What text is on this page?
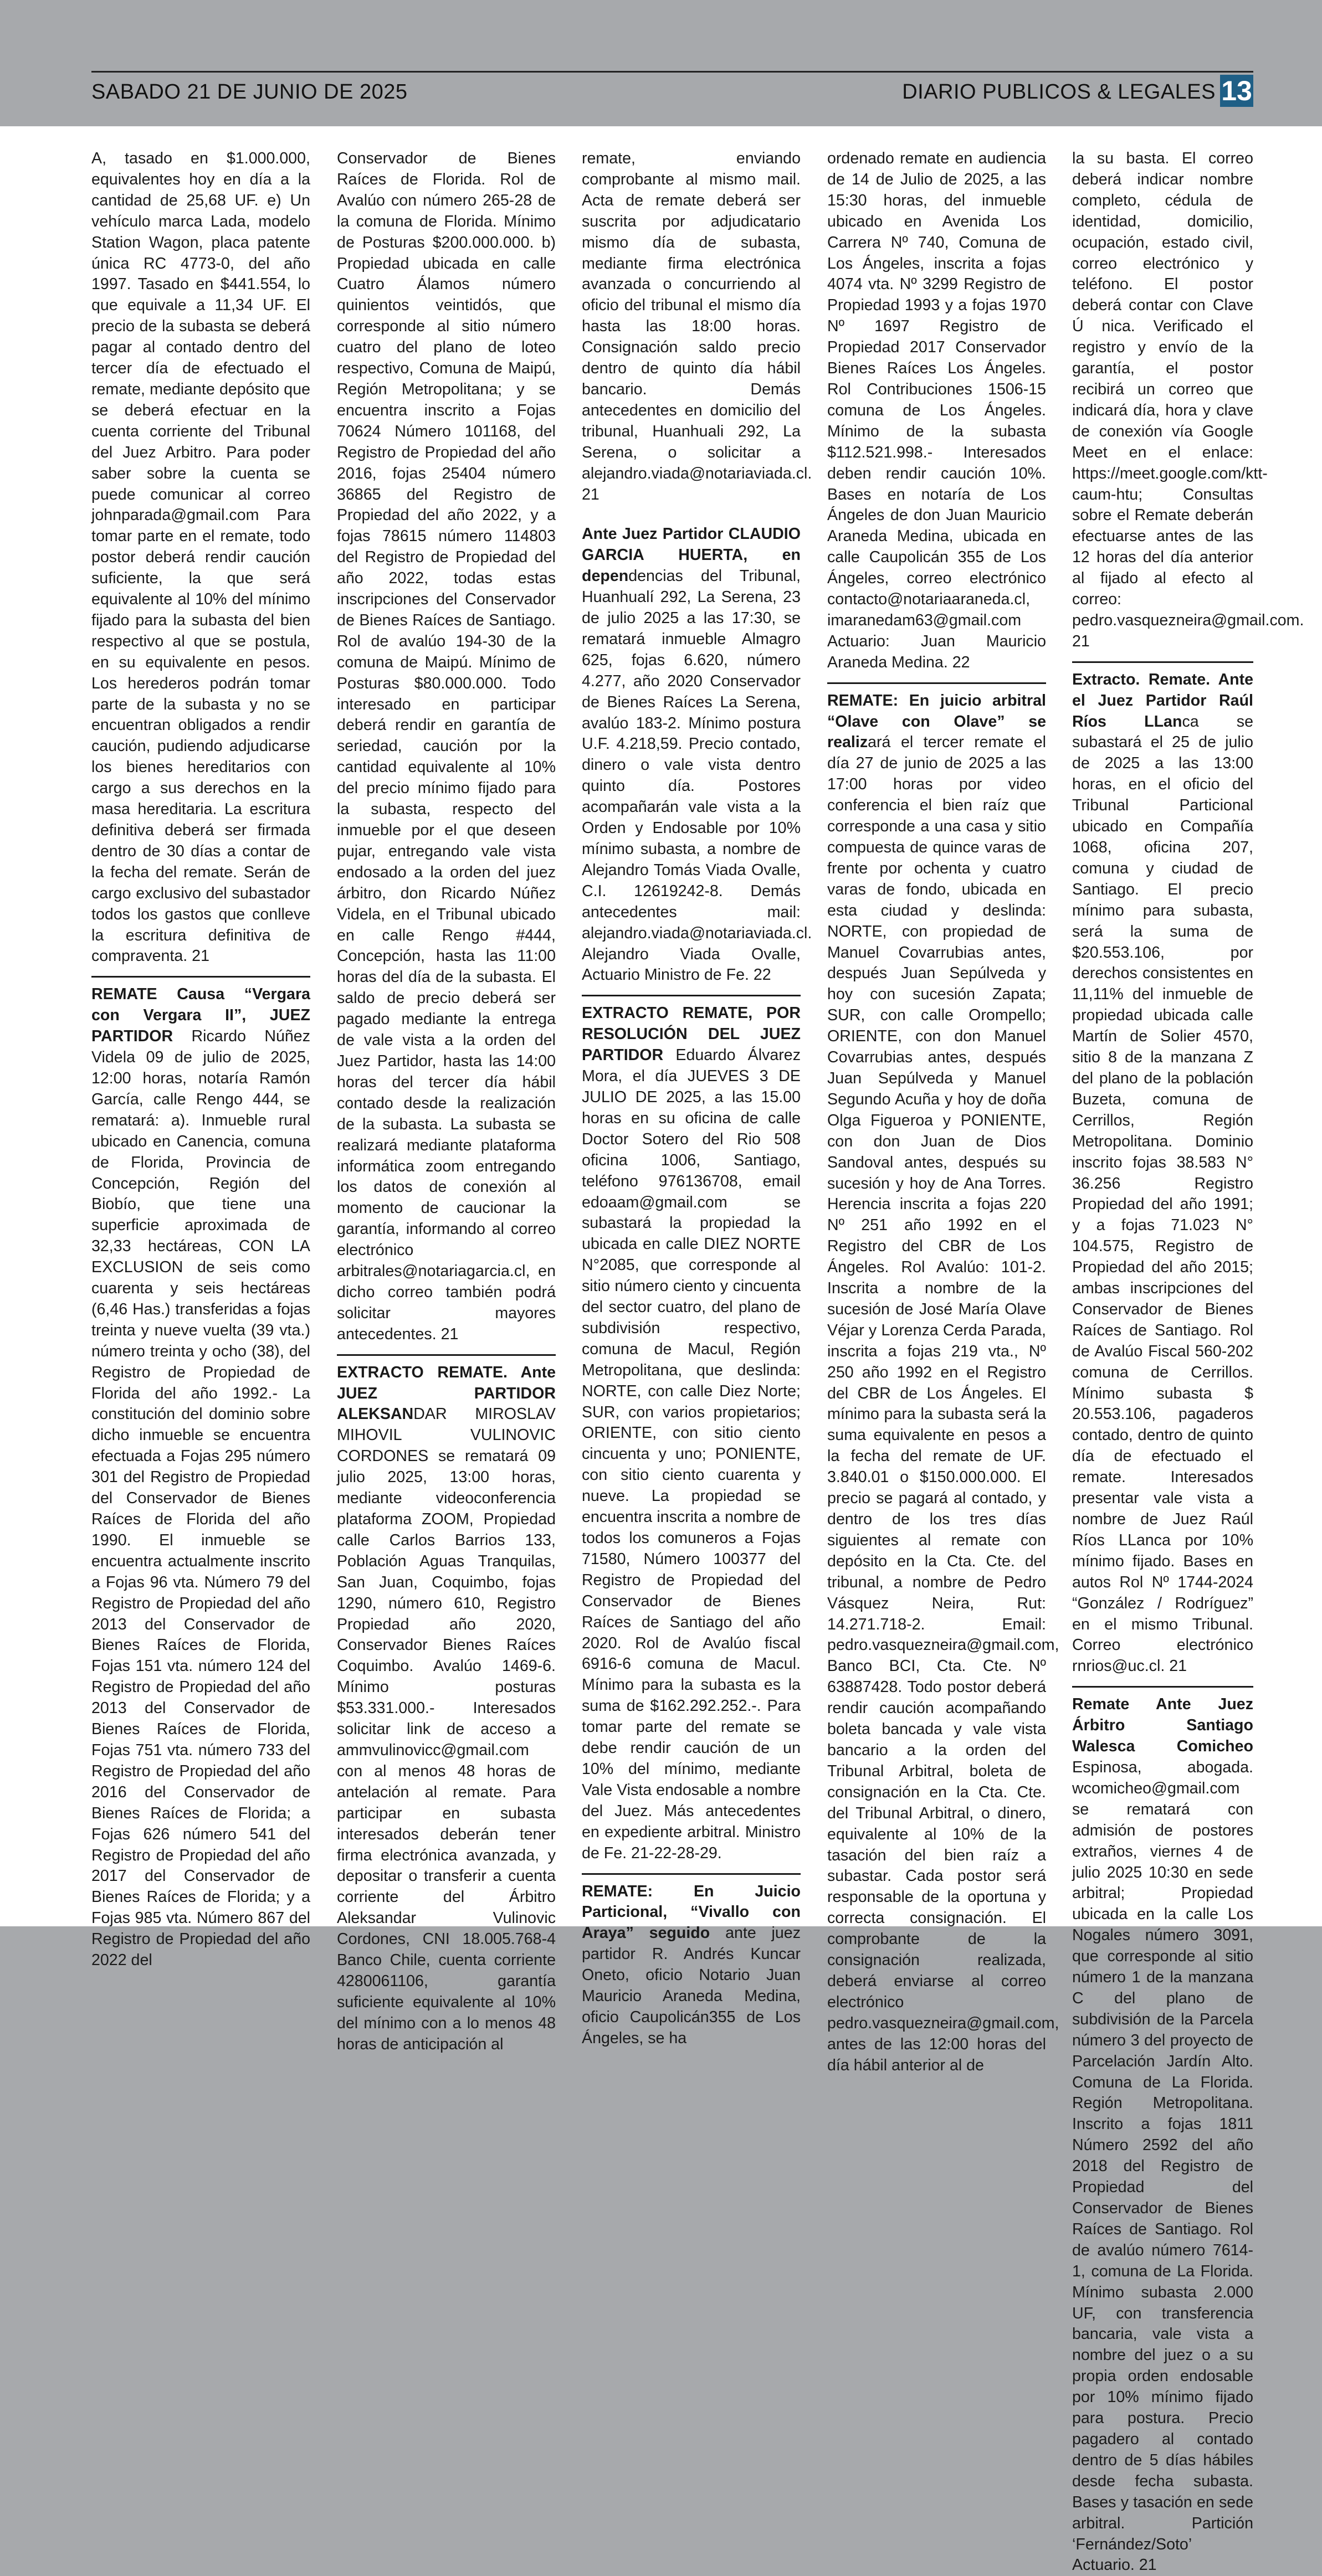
SABADO 21 DE JUNIO DE 2025	DIARIO PUBLICOS & LEGALES 13

A, tasado en $1.000.000, equivalentes hoy en día a la cantidad de 25,68 UF. e) Un vehículo marca Lada, modelo Station Wagon, placa patente única RC 4773-0, del año 1997. Tasado en $441.554, lo que equivale a 11,34 UF. El precio de la subasta se deberá pagar al contado dentro del tercer día de efectuado el remate, mediante depósito que se deberá efectuar en la cuenta corriente del Tribunal del Juez Arbitro. Para poder saber sobre la cuenta se puede comunicar al correo johnparada@gmail.com Para tomar parte en el remate, todo postor deberá rendir caución suficiente, la que será equivalente al 10% del mínimo fijado para la subasta del bien respectivo al que se postula, en su equivalente en pesos. Los herederos podrán tomar parte de la subasta y no se encuentran obligados a rendir caución, pudiendo adjudicarse los bienes hereditarios con cargo a sus derechos en la masa hereditaria. La escritura definitiva deberá ser firmada dentro de 30 días a contar de la fecha del remate. Serán de cargo exclusivo del subastador todos los gastos que conlleve la escritura definitiva de compraventa. 21

REMATE Causa “Vergara con Vergara II”, JUEZ PARTIDOR Ricardo Núñez Videla 09 de julio de 2025, 12:00 horas, notaría Ramón García, calle Rengo 444, se rematará: a). Inmueble rural ubicado en Canencia, comuna de Florida, Provincia de Concepción, Región del Biobío, que tiene una superficie aproximada de 32,33 hectáreas, CON LA EXCLUSION de seis como cuarenta y seis hectáreas (6,46 Has.) transferidas a fojas treinta y nueve vuelta (39 vta.) número treinta y ocho (38), del Registro de Propiedad de Florida del año 1992.- La constitución del dominio sobre dicho inmueble se encuentra efectuada a Fojas 295 número 301 del Registro de Propiedad del Conservador de Bienes Raíces de Florida del año 1990. El inmueble se encuentra actualmente inscrito a Fojas 96 vta. Número 79 del Registro de Propiedad del año 2013 del Conservador de Bienes Raíces de Florida, Fojas 151 vta. número 124 del Registro de Propiedad del año 2013 del Conservador de Bienes Raíces de Florida, Fojas 751 vta. número 733 del Registro de Propiedad del año 2016 del Conservador de Bienes Raíces de Florida; a Fojas 626 número 541 del Registro de Propiedad del año 2017 del Conservador de Bienes Raíces de Florida; y a Fojas 985 vta. Número 867 del Registro de Propiedad del año 2022 del

Conservador de Bienes Raíces de Florida. Rol de Avalúo con número 265-28 de la comuna de Florida. Mínimo de Posturas $200.000.000. b) Propiedad ubicada en calle Cuatro Álamos número quinientos veintidós, que corresponde al sitio número cuatro del plano de loteo respectivo, Comuna de Maipú, Región Metropolitana; y se encuentra inscrito a Fojas 70624 Número 101168, del Registro de Propiedad del año 2016, fojas 25404 número 36865 del Registro de Propiedad del año 2022, y a fojas 78615 número 114803 del Registro de Propiedad del año 2022, todas estas inscripciones del Conservador de Bienes Raíces de Santiago. Rol de avalúo 194-30 de la comuna de Maipú. Mínimo de Posturas $80.000.000. Todo interesado en participar deberá rendir en garantía de seriedad, caución por la cantidad equivalente al 10% del precio mínimo fijado para la subasta, respecto del inmueble por el que deseen pujar, entregando vale vista endosado a la orden del juez árbitro, don Ricardo Núñez Videla, en el Tribunal ubicado en calle Rengo #444, Concepción, hasta las 11:00 horas del día de la subasta. El saldo de precio deberá ser pagado mediante la entrega de vale vista a la orden del Juez Partidor, hasta las 14:00 horas del tercer día hábil contado desde la realización de la subasta. La subasta se realizará mediante plataforma informática zoom entregando los datos de conexión al momento de caucionar la garantía, informando al correo electrónico arbitrales@notariagarcia.cl, en dicho correo también podrá solicitar mayores antecedentes. 21

EXTRACTO REMATE. Ante JUEZ PARTIDOR ALEKSANDAR MIROSLAV MIHOVIL VULINOVIC CORDONES se rematará 09 julio 2025, 13:00 horas, mediante videoconferencia plataforma ZOOM, Propiedad calle Carlos Barrios 133, Población Aguas Tranquilas, San Juan, Coquimbo, fojas 1290, número 610, Registro Propiedad año 2020, Conservador Bienes Raíces Coquimbo. Avalúo 1469-6. Mínimo posturas $53.331.000.- Interesados solicitar link de acceso a ammvulinovicc@gmail.com con al menos 48 horas de antelación al remate. Para participar en subasta interesados deberán tener firma electrónica avanzada, y depositar o transferir a cuenta corriente del Árbitro Aleksandar Vulinovic Cordones, CNI 18.005.768-4 Banco Chile, cuenta corriente 4280061106, garantía suficiente equivalente al 10% del mínimo con a lo menos 48 horas de anticipación al

remate, enviando comprobante al mismo mail. Acta de remate deberá ser suscrita por adjudicatario mismo día de subasta, mediante firma electrónica avanzada o concurriendo al oficio del tribunal el mismo día hasta las 18:00 horas. Consignación saldo precio dentro de quinto día hábil bancario. Demás antecedentes en domicilio del tribunal, Huanhuali 292, La Serena, o solicitar a alejandro.viada@notariaviada.cl. 21

Ante Juez Partidor CLAUDIO GARCIA HUERTA, en dependencias del Tribunal, Huanhualí 292, La Serena, 23 de julio 2025 a las 17:30, se rematará inmueble Almagro 625, fojas 6.620, número 4.277, año 2020 Conservador de Bienes Raíces La Serena, avalúo 183-2. Mínimo postura U.F. 4.218,59. Precio contado, dinero o vale vista dentro quinto día. Postores acompañarán vale vista a la Orden y Endosable por 10% mínimo subasta, a nombre de Alejandro Tomás Viada Ovalle, C.I. 12619242-8. Demás antecedentes mail: alejandro.viada@notariaviada.cl. Alejandro Viada Ovalle, Actuario Ministro de Fe. 22

EXTRACTO REMATE, POR RESOLUCIÓN DEL JUEZ PARTIDOR Eduardo Álvarez Mora, el día JUEVES 3 DE JULIO DE 2025, a las 15.00 horas en su oficina de calle Doctor Sotero del Rio 508 oficina 1006, Santiago, teléfono 976136708, email edoaam@gmail.com se subastará la propiedad la ubicada en calle DIEZ NORTE N°2085, que corresponde al sitio número ciento y cincuenta del sector cuatro, del plano de subdivisión respectivo, comuna de Macul, Región Metropolitana, que deslinda: NORTE, con calle Diez Norte; SUR, con varios propietarios; ORIENTE, con sitio ciento cincuenta y uno; PONIENTE, con sitio ciento cuarenta y nueve. La propiedad se encuentra inscrita a nombre de todos los comuneros a Fojas 71580, Número 100377 del Registro de Propiedad del Conservador de Bienes Raíces de Santiago del año 2020. Rol de Avalúo fiscal 6916-6 comuna de Macul. Mínimo para la subasta es la suma de $162.292.252.-. Para tomar parte del remate se debe rendir caución de un 10% del mínimo, mediante Vale Vista endosable a nombre del Juez. Más antecedentes en expediente arbitral. Ministro de Fe. 21-22-28-29.

REMATE: En Juicio Particional, “Vivallo con Araya” seguido ante juez partidor R. Andrés Kuncar Oneto, oficio Notario Juan Mauricio Araneda Medina, oficio Caupolicán355 de Los Ángeles, se ha

ordenado remate en audiencia de 14 de Julio de 2025, a las 15:30 horas, del inmueble ubicado en Avenida Los Carrera Nº 740, Comuna de Los Ángeles, inscrita a fojas 4074 vta. Nº 3299 Registro de Propiedad 1993 y a fojas 1970 Nº 1697 Registro de Propiedad 2017 Conservador Bienes Raíces Los Ángeles. Rol Contribuciones 1506-15 comuna de Los Ángeles. Mínimo de la subasta $112.521.998.- Interesados deben rendir caución 10%. Bases en notaría de Los Ángeles de don Juan Mauricio Araneda Medina, ubicada en calle Caupolicán 355 de Los Ángeles, correo electrónico contacto@notariaaraneda.cl, imaranedam63@gmail.com Actuario: Juan Mauricio Araneda Medina. 22

REMATE: En juicio arbitral “Olave con Olave” se realizará el tercer remate el día 27 de junio de 2025 a las 17:00 horas por video conferencia el bien raíz que corresponde a una casa y sitio compuesta de quince varas de frente por ochenta y cuatro varas de fondo, ubicada en esta ciudad y deslinda: NORTE, con propiedad de Manuel Covarrubias antes, después Juan Sepúlveda y hoy con sucesión Zapata; SUR, con calle Orompello; ORIENTE, con don Manuel Covarrubias antes, después Juan Sepúlveda y Manuel Segundo Acuña y hoy de doña Olga Figueroa y PONIENTE, con don Juan de Dios Sandoval antes, después su sucesión y hoy de Ana Torres. Herencia inscrita a fojas 220 Nº 251 año 1992 en el Registro del CBR de Los Ángeles. Rol Avalúo: 101-2. Inscrita a nombre de la sucesión de José María Olave Véjar y Lorenza Cerda Parada, inscrita a fojas 219 vta., Nº 250 año 1992 en el Registro del CBR de Los Ángeles. El mínimo para la subasta será la suma equivalente en pesos a la fecha del remate de UF. 3.840.01 o $150.000.000. El precio se pagará al contado, y dentro de los tres días siguientes al remate con depósito en la Cta. Cte. del tribunal, a nombre de Pedro Vásquez Neira, Rut: 14.271.718-2. Email: pedro.vasquezneira@gmail.com, Banco BCI, Cta. Cte. Nº 63887428. Todo postor deberá rendir caución acompañando boleta bancada y vale vista bancario a la orden del Tribunal Arbitral, boleta de consignación en la Cta. Cte. del Tribunal Arbitral, o dinero, equivalente al 10% de la tasación del bien raíz a subastar. Cada postor será responsable de la oportuna y correcta consignación. El comprobante de la consignación realizada, deberá enviarse al correo electrónico pedro.vasquezneira@gmail.com, antes de las 12:00 horas del día hábil anterior al de

la su basta. El correo deberá indicar nombre completo, cédula de identidad, domicilio, ocupación, estado civil, correo electrónico y teléfono. El postor deberá contar con Clave Ú nica. Verificado el registro y envío de la garantía, el postor recibirá un correo que indicará día, hora y clave de conexión vía Google Meet en el enlace: https://meet.google.com/ktt-caum-htu; Consultas sobre el Remate deberán efectuarse antes de las 12 horas del día anterior al fijado al efecto al correo: pedro.vasquezneira@gmail.com. 21

Extracto. Remate. Ante el Juez Partidor Raúl Ríos LLanca se subastará el 25 de julio de 2025 a las 13:00 horas, en el oficio del Tribunal Particional ubicado en Compañía 1068, oficina 207, comuna y ciudad de Santiago. El precio mínimo para subasta, será la suma de $20.553.106, por derechos consistentes en 11,11% del inmueble de propiedad ubicada calle Martín de Solier 4570, sitio 8 de la manzana Z del plano de la población Buzeta, comuna de Cerrillos, Región Metropolitana. Dominio inscrito fojas 38.583 N° 36.256 Registro Propiedad del año 1991; y a fojas 71.023 N° 104.575, Registro de Propiedad del año 2015; ambas inscripciones del Conservador de Bienes Raíces de Santiago. Rol de Avalúo Fiscal 560-202 comuna de Cerrillos. Mínimo subasta $ 20.553.106, pagaderos contado, dentro de quinto día de efectuado el remate. Interesados presentar vale vista a nombre de Juez Raúl Ríos LLanca por 10% mínimo fijado. Bases en autos Rol Nº 1744-2024 “González / Rodríguez” en el mismo Tribunal. Correo electrónico rnrios@uc.cl. 21

Remate Ante Juez Árbitro Santiago Walesca Comicheo Espinosa, abogada. wcomicheo@gmail.com se rematará con admisión de postores extraños, viernes 4 de julio 2025 10:30 en sede arbitral; Propiedad ubicada en la calle Los Nogales número 3091, que corresponde al sitio número 1 de la manzana C del plano de subdivisión de la Parcela número 3 del proyecto de Parcelación Jardín Alto. Comuna de La Florida. Región Metropolitana. Inscrito a fojas 1811 Número 2592 del año 2018 del Registro de Propiedad del Conservador de Bienes Raíces de Santiago. Rol de avalúo número 7614-1, comuna de La Florida. Mínimo subasta 2.000 UF, con transferencia bancaria, vale vista a nombre del juez o a su propia orden endosable por 10% mínimo fijado para postura. Precio pagadero al contado dentro de 5 días hábiles desde fecha subasta. Bases y tasación en sede arbitral. Partición ‘Fernández/Soto’ Actuario. 21
